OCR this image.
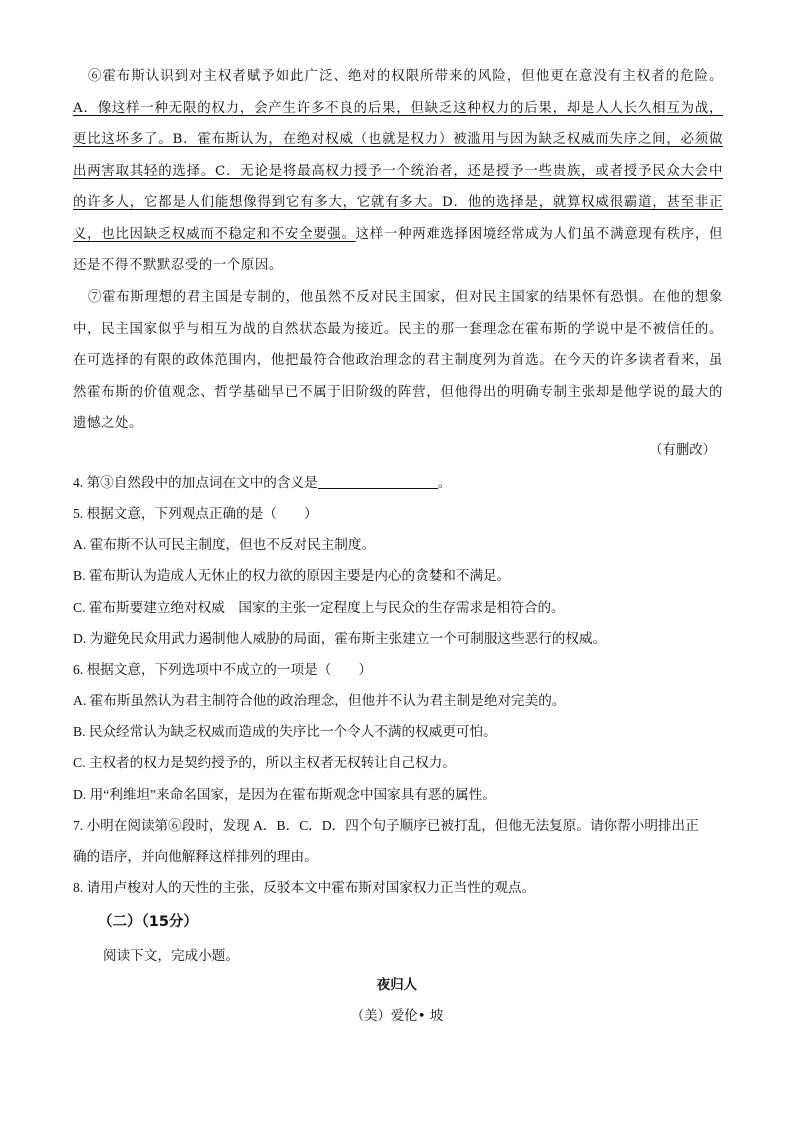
⑥霍布斯认识到对主权者赋予如此广泛、绝对的权限所带来的风险，但他更在意没有主权者的危险。A．像这样一种无限的权力，会产生许多不良的后果，但缺乏这种权力的后果，却是人人长久相互为战，更比这坏多了。B．霍布斯认为，在绝对权威（也就是权力）被滥用与因为缺乏权威而失序之间，必须做出两害取其轻的选择。C．无论是将最高权力授予一个统治者，还是授予一些贵族，或者授予民众大会中的许多人，它都是人们能想像得到它有多大，它就有多大。D．他的选择是，就算权威很霸道，甚至非正义，也比因缺乏权威而不稳定和不安全要强。这样一种两难选择困境经常成为人们虽不满意现有秩序，但还是不得不默默忍受的一个原因。
⑦霍布斯理想的君主国是专制的，他虽然不反对民主国家，但对民主国家的结果怀有恐惧。在他的想象中，民主国家似乎与相互为战的自然状态最为接近。民主的那一套理念在霍布斯的学说中是不被信任的。在可选择的有限的政体范围内，他把最符合他政治理念的君主制度列为首选。在今天的许多读者看来，虽然霍布斯的价值观念、哲学基础早已不属于旧阶级的阵营，但他得出的明确专制主张却是他学说的最大的遗憾之处。
（有删改）
4. 第③自然段中的加点词在文中的含义是	。
5. 根据文意，下列观点正确的是（　　）
A. 霍布斯不认可民主制度，但也不反对民主制度。
B. 霍布斯认为造成人无休止的权力欲的原因主要是内心的贪婪和不满足。
C. 霍布斯要建立绝对权威　国家的主张一定程度上与民众的生存需求是相符合的。
D. 为避免民众用武力遏制他人威胁的局面，霍布斯主张建立一个可制服这些恶行的权威。
6. 根据文意，下列选项中不成立的一项是（　　）
A. 霍布斯虽然认为君主制符合他的政治理念，但他并不认为君主制是绝对完美的。
B. 民众经常认为缺乏权威而造成的失序比一个令人不满的权威更可怕。
C. 主权者的权力是契约授予的，所以主权者无权转让自己权力。
D. 用“利维坦”来命名国家，是因为在霍布斯观念中国家具有恶的属性。
7. 小明在阅读第⑥段时，发现 A．B．C．D．四个句子顺序已被打乱，但他无法复原。请你帮小明排出正
确的语序，并向他解释这样排列的理由。
8. 请用卢梭对人的天性的主张，反驳本文中霍布斯对国家权力正当性的观点。
（二）（15分）
阅读下文，完成小题。
夜归人
（美）爱伦• 坡
